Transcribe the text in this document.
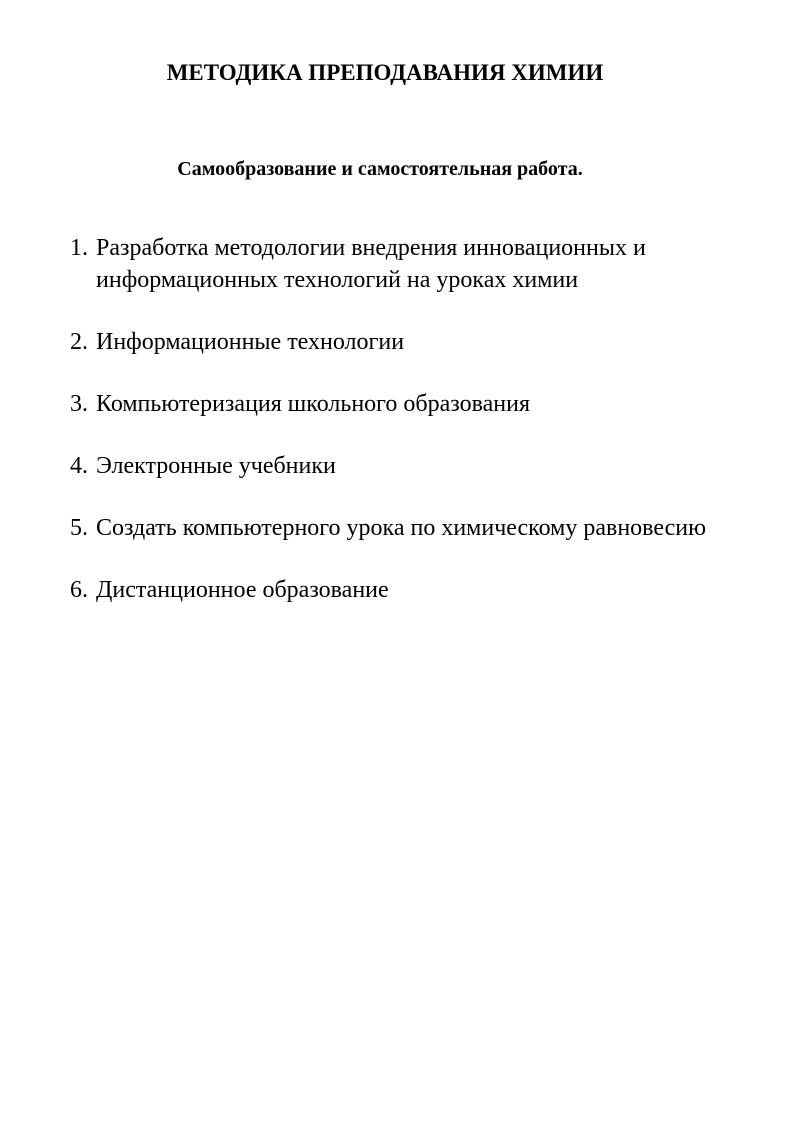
МЕТОДИКА ПРЕПОДАВАНИЯ ХИМИИ
Самообразование и самостоятельная работа.
1. Разработка методологии внедрения инновационных и информационных технологий на уроках химии
2. Информационные технологии
3. Компьютеризация школьного образования
4. Электронные учебники
5. Создать компьютерного урока по химическому равновесию
6. Дистанционное образование
